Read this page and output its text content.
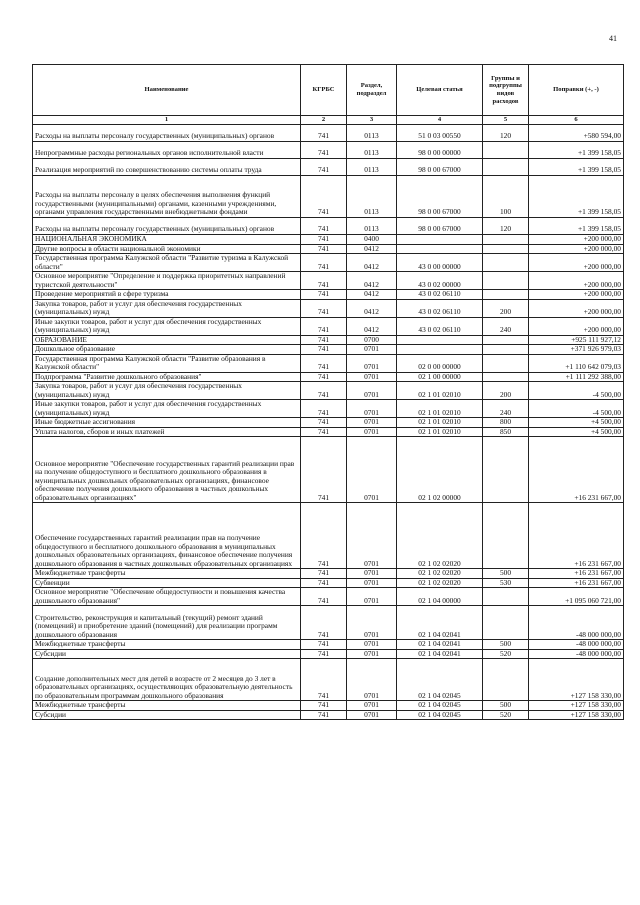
41
Наименование	КГРБС	Раздел, подраздел	Целевая статья	Группы и подгруппы видов расходов	Поправки (+, -)
1	2	3	4	5	6
Расходы на выплаты персоналу государственных (муниципальных) органов	741	0113	51 0 03 00550	120	+580 594,00
Непрограммные расходы региональных органов исполнительной власти	741	0113	98 0 00 00000		+1 399 158,05
Реализация мероприятий по совершенствованию системы оплаты труда	741	0113	98 0 00 67000		+1 399 158,05
Расходы на выплаты персоналу в целях обеспечения выполнения функций государственными (муниципальными) органами, казенными учреждениями, органами управления государственными внебюджетными фондами	741	0113	98 0 00 67000	100	+1 399 158,05
Расходы на выплаты персоналу государственных (муниципальных) органов	741	0113	98 0 00 67000	120	+1 399 158,05
НАЦИОНАЛЬНАЯ ЭКОНОМИКА	741	0400			+200 000,00
Другие вопросы в области национальной экономики	741	0412			+200 000,00
Государственная программа Калужской области "Развитие туризма в Калужской области"	741	0412	43 0 00 00000		+200 000,00
Основное мероприятие "Определение и поддержка приоритетных направлений туристской деятельности"	741	0412	43 0 02 00000		+200 000,00
Проведение мероприятий в сфере туризма	741	0412	43 0 02 06110		+200 000,00
Закупка товаров, работ и услуг для обеспечения государственных (муниципальных) нужд	741	0412	43 0 02 06110	200	+200 000,00
Иные закупки товаров, работ и услуг для обеспечения государственных (муниципальных) нужд	741	0412	43 0 02 06110	240	+200 000,00
ОБРАЗОВАНИЕ	741	0700			+925 111 927,12
Дошкольное образование	741	0701			+371 926 979,03
Государственная программа Калужской области "Развитие образования в Калужской области"	741	0701	02 0 00 00000		+1 110 642 079,03
Подпрограмма "Развитие дошкольного образования"	741	0701	02 1 00 00000		+1 111 292 388,00
Закупка товаров, работ и услуг для обеспечения государственных (муниципальных) нужд	741	0701	02 1 01 02010	200	-4 500,00
Иные закупки товаров, работ и услуг для обеспечения государственных (муниципальных) нужд	741	0701	02 1 01 02010	240	-4 500,00
Иные бюджетные ассигнования	741	0701	02 1 01 02010	800	+4 500,00
Уплата налогов, сборов и иных платежей	741	0701	02 1 01 02010	850	+4 500,00
Основное мероприятие "Обеспечение государственных гарантий реализации прав на получение общедоступного и бесплатного дошкольного образования в муниципальных дошкольных образовательных организациях, финансовое обеспечение получения дошкольного образования в частных дошкольных образовательных организациях"	741	0701	02 1 02 00000		+16 231 667,00
Обеспечение государственных гарантий реализации прав на получение общедоступного и бесплатного дошкольного образования в муниципальных дошкольных образовательных организациях, финансовое обеспечение получения дошкольного образования в частных дошкольных образовательных организациях	741	0701	02 1 02 02020		+16 231 667,00
Межбюджетные трансферты	741	0701	02 1 02 02020	500	+16 231 667,00
Субвенции	741	0701	02 1 02 02020	530	+16 231 667,00
Основное мероприятие "Обеспечение общедоступности и повышения качества дошкольного образования"	741	0701	02 1 04 00000		+1 095 060 721,00
Строительство, реконструкция и капитальный (текущий) ремонт зданий (помещений) и приобретение зданий (помещений) для реализации программ дошкольного образования	741	0701	02 1 04 02041		-48 000 000,00
Межбюджетные трансферты	741	0701	02 1 04 02041	500	-48 000 000,00
Субсидии	741	0701	02 1 04 02041	520	-48 000 000,00
Создание дополнительных мест для детей в возрасте от 2 месяцев до 3 лет в образовательных организациях, осуществляющих образовательную деятельность по образовательным программам дошкольного образования	741	0701	02 1 04 02045		+127 158 330,00
Межбюджетные трансферты	741	0701	02 1 04 02045	500	+127 158 330,00
Субсидии	741	0701	02 1 04 02045	520	+127 158 330,00
